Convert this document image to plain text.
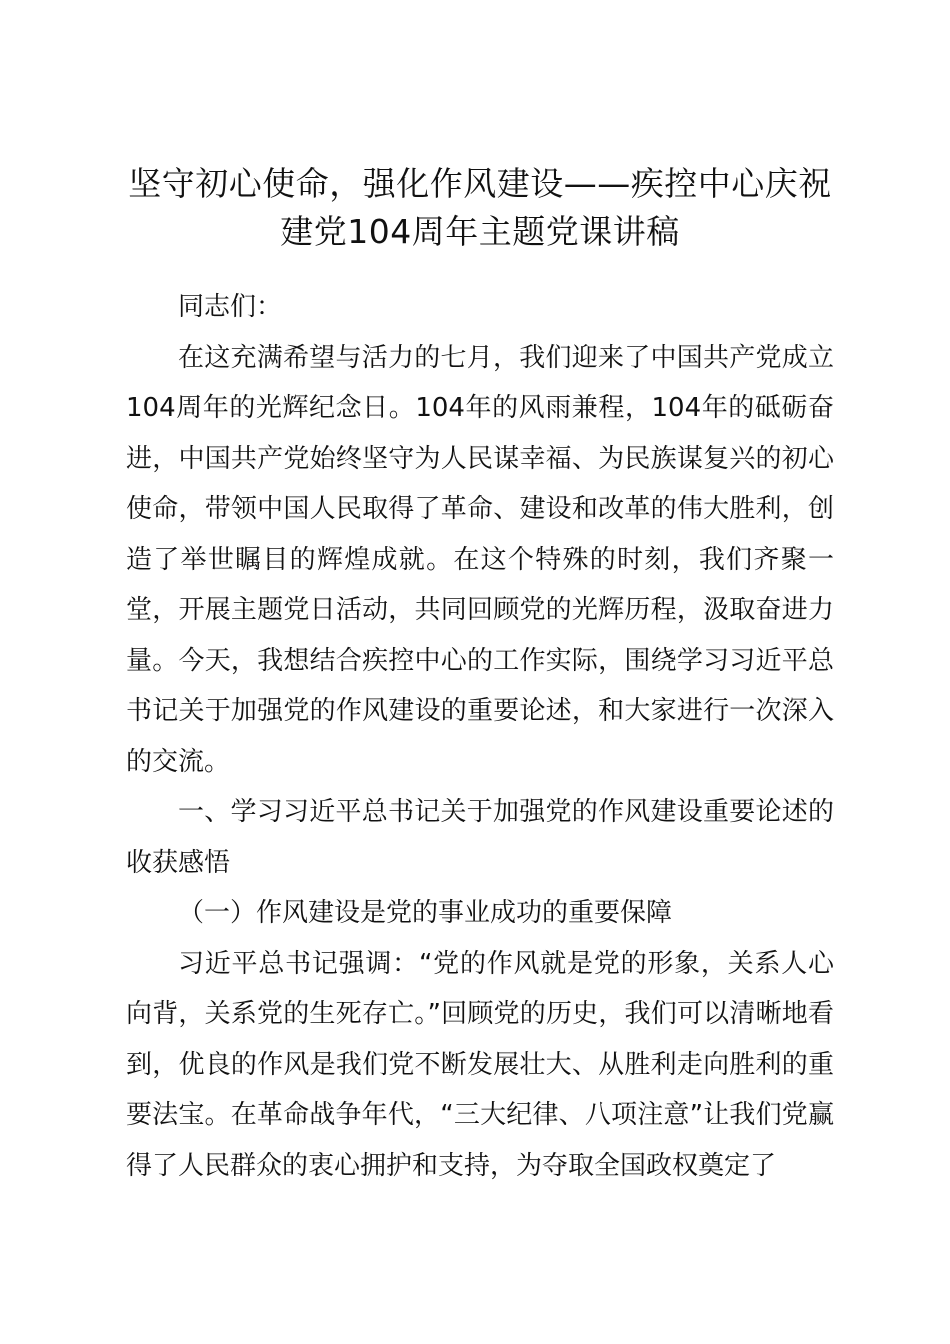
坚守初心使命，强化作风建设——疾控中心庆祝建党104周年主题党课讲稿

同志们：

在这充满希望与活力的七月，我们迎来了中国共产党成立104周年的光辉纪念日。104年的风雨兼程，104年的砥砺奋进，中国共产党始终坚守为人民谋幸福、为民族谋复兴的初心使命，带领中国人民取得了革命、建设和改革的伟大胜利，创造了举世瞩目的辉煌成就。在这个特殊的时刻，我们齐聚一堂，开展主题党日活动，共同回顾党的光辉历程，汲取奋进力量。今天，我想结合疾控中心的工作实际，围绕学习习近平总书记关于加强党的作风建设的重要论述，和大家进行一次深入的交流。

一、学习习近平总书记关于加强党的作风建设重要论述的收获感悟

（一）作风建设是党的事业成功的重要保障

习近平总书记强调：“党的作风就是党的形象，关系人心向背，关系党的生死存亡。”回顾党的历史，我们可以清晰地看到，优良的作风是我们党不断发展壮大、从胜利走向胜利的重要法宝。在革命战争年代，“三大纪律、八项注意”让我们党赢得了人民群众的衷心拥护和支持，为夺取全国政权奠定了
